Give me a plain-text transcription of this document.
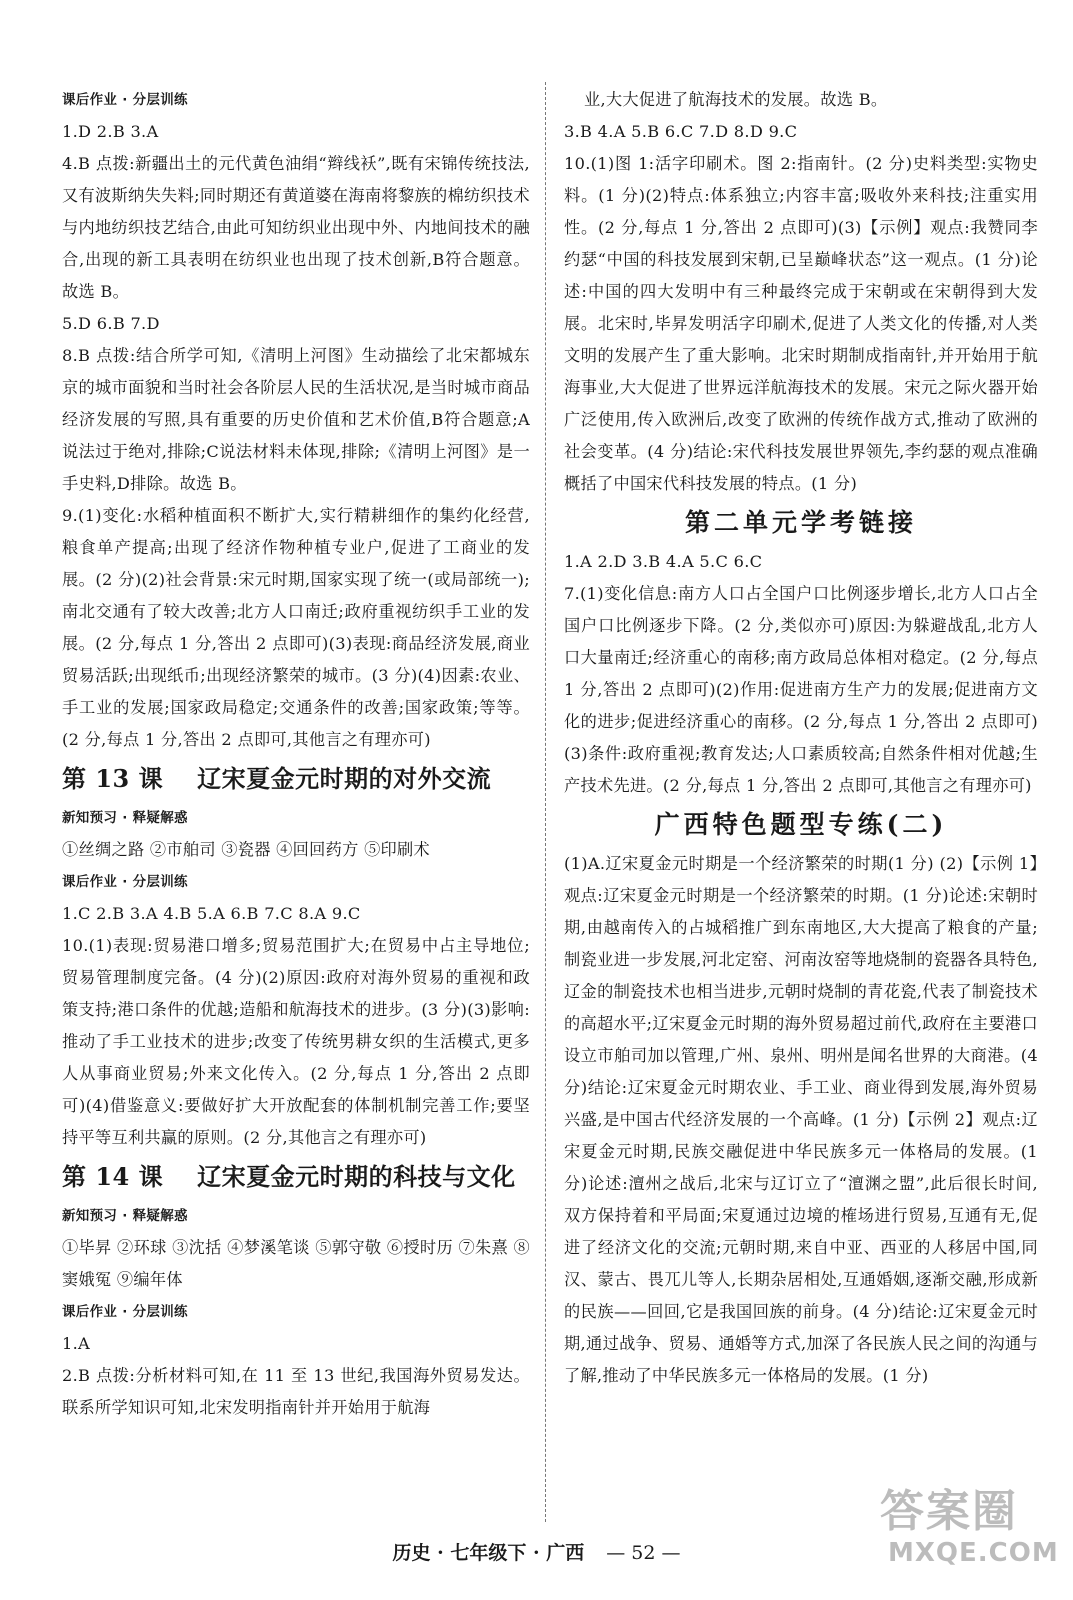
课后作业 · 分层训练

1.D 2.B 3.A

4.B 点拨:新疆出土的元代黄色油绢“辫线袄”,既有宋锦传统技法,又有波斯纳失失料;同时期还有黄道婆在海南将黎族的棉纺织技术与内地纺织技艺结合,由此可知纺织业出现中外、内地间技术的融合,出现的新工具表明在纺织业也出现了技术创新,B符合题意。故选 B。

5.D 6.B 7.D

8.B 点拨:结合所学可知,《清明上河图》生动描绘了北宋都城东京的城市面貌和当时社会各阶层人民的生活状况,是当时城市商品经济发展的写照,具有重要的历史价值和艺术价值,B符合题意;A说法过于绝对,排除;C说法材料未体现,排除;《清明上河图》是一手史料,D排除。故选 B。

9.(1)变化:水稻种植面积不断扩大,实行精耕细作的集约化经营,粮食单产提高;出现了经济作物种植专业户,促进了工商业的发展。(2 分)(2)社会背景:宋元时期,国家实现了统一(或局部统一);南北交通有了较大改善;北方人口南迁;政府重视纺织手工业的发展。(2 分,每点 1 分,答出 2 点即可)(3)表现:商品经济发展,商业贸易活跃;出现纸币;出现经济繁荣的城市。(3 分)(4)因素:农业、手工业的发展;国家政局稳定;交通条件的改善;国家政策;等等。(2 分,每点 1 分,答出 2 点即可,其他言之有理亦可)

第 13 课 辽宋夏金元时期的对外交流

新知预习 · 释疑解惑

①丝绸之路 ②市舶司 ③瓷器 ④回回药方 ⑤印刷术

课后作业 · 分层训练

1.C 2.B 3.A 4.B 5.A 6.B 7.C 8.A 9.C

10.(1)表现:贸易港口增多;贸易范围扩大;在贸易中占主导地位;贸易管理制度完备。(4 分)(2)原因:政府对海外贸易的重视和政策支持;港口条件的优越;造船和航海技术的进步。(3 分)(3)影响:推动了手工业技术的进步;改变了传统男耕女织的生活模式,更多人从事商业贸易;外来文化传入。(2 分,每点 1 分,答出 2 点即可)(4)借鉴意义:要做好扩大开放配套的体制机制完善工作;要坚持平等互利共赢的原则。(2 分,其他言之有理亦可)

第 14 课 辽宋夏金元时期的科技与文化

新知预习 · 释疑解惑

①毕昇 ②环球 ③沈括 ④梦溪笔谈 ⑤郭守敬 ⑥授时历 ⑦朱熹 ⑧窦娥冤 ⑨编年体

课后作业 · 分层训练

1.A

2.B 点拨:分析材料可知,在 11 至 13 世纪,我国海外贸易发达。联系所学知识可知,北宋发明指南针并开始用于航海

业,大大促进了航海技术的发展。故选 B。

3.B 4.A 5.B 6.C 7.D 8.D 9.C

10.(1)图 1:活字印刷术。图 2:指南针。(2 分)史料类型:实物史料。(1 分)(2)特点:体系独立;内容丰富;吸收外来科技;注重实用性。(2 分,每点 1 分,答出 2 点即可)(3)【示例】观点:我赞同李约瑟“中国的科技发展到宋朝,已呈巅峰状态”这一观点。(1 分)论述:中国的四大发明中有三种最终完成于宋朝或在宋朝得到大发展。北宋时,毕昇发明活字印刷术,促进了人类文化的传播,对人类文明的发展产生了重大影响。北宋时期制成指南针,并开始用于航海事业,大大促进了世界远洋航海技术的发展。宋元之际火器开始广泛使用,传入欧洲后,改变了欧洲的传统作战方式,推动了欧洲的社会变革。(4 分)结论:宋代科技发展世界领先,李约瑟的观点准确概括了中国宋代科技发展的特点。(1 分)

第二单元学考链接

1.A 2.D 3.B 4.A 5.C 6.C

7.(1)变化信息:南方人口占全国户口比例逐步增长,北方人口占全国户口比例逐步下降。(2 分,类似亦可)原因:为躲避战乱,北方人口大量南迁;经济重心的南移;南方政局总体相对稳定。(2 分,每点 1 分,答出 2 点即可)(2)作用:促进南方生产力的发展;促进南方文化的进步;促进经济重心的南移。(2 分,每点 1 分,答出 2 点即可)(3)条件:政府重视;教育发达;人口素质较高;自然条件相对优越;生产技术先进。(2 分,每点 1 分,答出 2 点即可,其他言之有理亦可)

广西特色题型专练(二)

(1)A.辽宋夏金元时期是一个经济繁荣的时期(1 分) (2)【示例 1】观点:辽宋夏金元时期是一个经济繁荣的时期。(1 分)论述:宋朝时期,由越南传入的占城稻推广到东南地区,大大提高了粮食的产量;制瓷业进一步发展,河北定窑、河南汝窑等地烧制的瓷器各具特色,辽金的制瓷技术也相当进步,元朝时烧制的青花瓷,代表了制瓷技术的高超水平;辽宋夏金元时期的海外贸易超过前代,政府在主要港口设立市舶司加以管理,广州、泉州、明州是闻名世界的大商港。(4 分)结论:辽宋夏金元时期农业、手工业、商业得到发展,海外贸易兴盛,是中国古代经济发展的一个高峰。(1 分)【示例 2】观点:辽宋夏金元时期,民族交融促进中华民族多元一体格局的发展。(1 分)论述:澶州之战后,北宋与辽订立了“澶渊之盟”,此后很长时间,双方保持着和平局面;宋夏通过边境的榷场进行贸易,互通有无,促进了经济文化的交流;元朝时期,来自中亚、西亚的人移居中国,同汉、蒙古、畏兀儿等人,长期杂居相处,互通婚姻,逐渐交融,形成新的民族——回回,它是我国回族的前身。(4 分)结论:辽宋夏金元时期,通过战争、贸易、通婚等方式,加深了各民族人民之间的沟通与了解,推动了中华民族多元一体格局的发展。(1 分)

历史 · 七年级下 · 广西 — 52 —
答案圈
MXQE.COM
